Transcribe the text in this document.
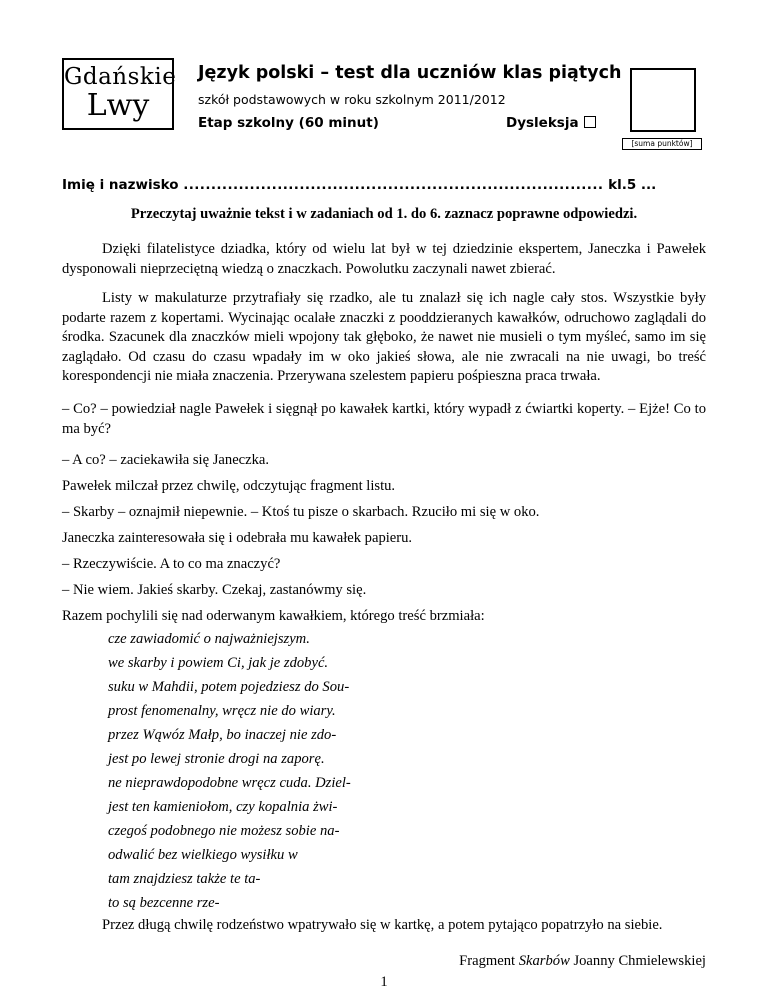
Gdańskie
Lwy
Język polski – test dla uczniów klas piątych
szkół podstawowych w roku szkolnym 2011/2012
Etap szkolny (60 minut)	Dysleksja
[suma punktów]
Imię i nazwisko ............................................................................ kl.5 ...
Przeczytaj uważnie tekst i w zadaniach od 1. do 6. zaznacz poprawne odpowiedzi.
Dzięki filatelistyce dziadka, który od wielu lat był w tej dziedzinie ekspertem, Janeczka i Pawełek dysponowali nieprzeciętną wiedzą o znaczkach. Powolutku zaczynali nawet zbierać.
Listy w makulaturze przytrafiały się rzadko, ale tu znalazł się ich nagle cały stos. Wszystkie były podarte razem z kopertami. Wycinając ocalałe znaczki z pooddzieranych kawałków, odruchowo zaglądali do środka. Szacunek dla znaczków mieli wpojony tak głęboko, że nawet nie musieli o tym myśleć, samo im się zaglądało. Od czasu do czasu wpadały im w oko jakieś słowa, ale nie zwracali na nie uwagi, bo treść korespondencji nie miała znaczenia. Przerywana szelestem papieru pośpieszna praca trwała.
– Co? – powiedział nagle Pawełek i sięgnął po kawałek kartki, który wypadł z ćwiartki koperty. – Ejże! Co to ma być?
– A co? – zaciekawiła się Janeczka.
Pawełek milczał przez chwilę, odczytując fragment listu.
– Skarby – oznajmił niepewnie. – Ktoś tu pisze o skarbach. Rzuciło mi się w oko.
Janeczka zainteresowała się i odebrała mu kawałek papieru.
– Rzeczywiście. A to co ma znaczyć?
– Nie wiem. Jakieś skarby. Czekaj, zastanówmy się.
Razem pochylili się nad oderwanym kawałkiem, którego treść brzmiała:
cze zawiadomić o najważniejszym.
we skarby i powiem Ci, jak je zdobyć.
suku w Mahdii, potem pojedziesz do Sou-
prost fenomenalny, wręcz nie do wiary.
przez Wąwóz Małp, bo inaczej nie zdo-
jest po lewej stronie drogi na zaporę.
ne nieprawdopodobne wręcz cuda. Dziel-
jest ten kamieniołom, czy kopalnia żwi-
czegoś podobnego nie możesz sobie na-
odwalić bez wielkiego wysiłku w
tam znajdziesz także te ta-
to są bezcenne rze-
Przez długą chwilę rodzeństwo wpatrywało się w kartkę, a potem pytająco popatrzyło na siebie.
Fragment Skarbów Joanny Chmielewskiej
1
